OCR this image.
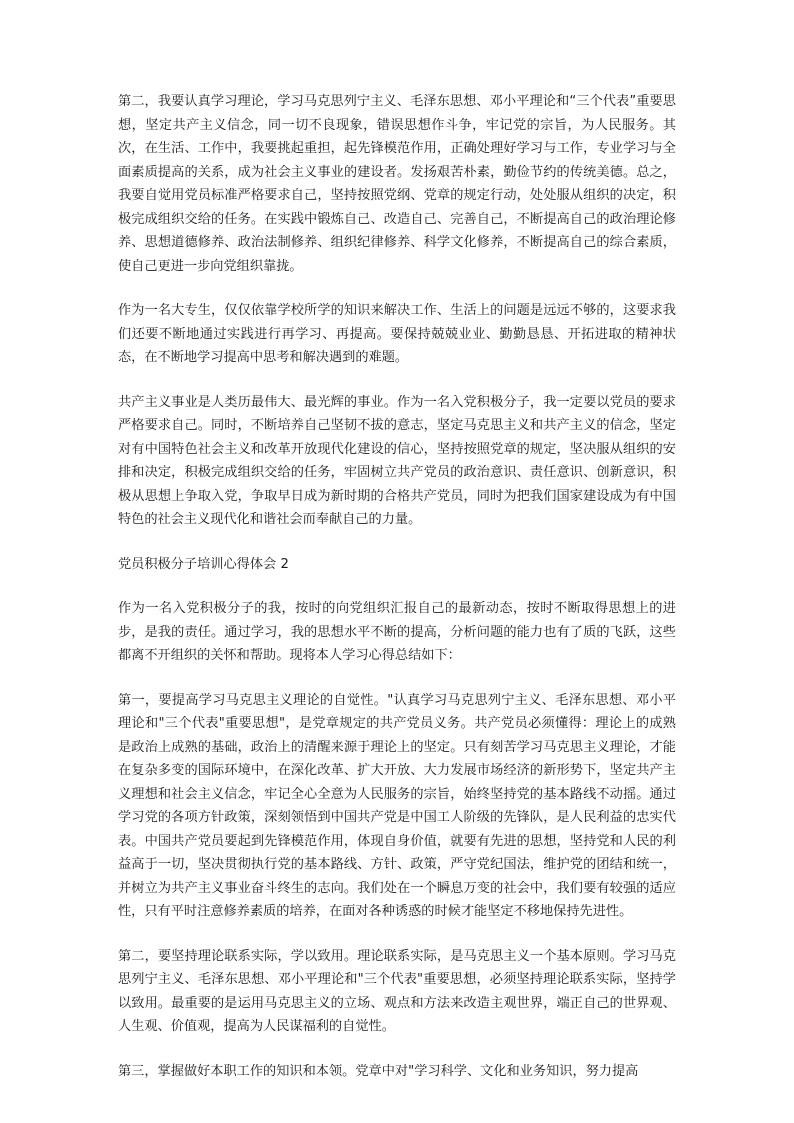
第二，我要认真学习理论，学习马克思列宁主义、毛泽东思想、邓小平理论和“三个代表”重要思想，坚定共产主义信念，同一切不良现象，错误思想作斗争，牢记党的宗旨，为人民服务。其次，在生活、工作中，我要挑起重担，起先锋模范作用，正确处理好学习与工作，专业学习与全面素质提高的关系，成为社会主义事业的建设者。发扬艰苦朴素，勤俭节约的传统美德。总之，我要自觉用党员标准严格要求自己，坚持按照党纲、党章的规定行动，处处服从组织的决定，积极完成组织交给的任务。在实践中锻炼自己、改造自己、完善自己，不断提高自己的政治理论修养、思想道德修养、政治法制修养、组织纪律修养、科学文化修养，不断提高自己的综合素质，使自己更进一步向党组织靠拢。

作为一名大专生，仅仅依靠学校所学的知识来解决工作、生活上的问题是远远不够的，这要求我们还要不断地通过实践进行再学习、再提高。要保持兢兢业业、勤勤恳恳、开拓进取的精神状态，在不断地学习提高中思考和解决遇到的难题。

共产主义事业是人类历最伟大、最光辉的事业。作为一名入党积极分子，我一定要以党员的要求严格要求自己。同时，不断培养自己坚韧不拔的意志，坚定马克思主义和共产主义的信念，坚定对有中国特色社会主义和改革开放现代化建设的信心，坚持按照党章的规定，坚决服从组织的安排和决定，积极完成组织交给的任务，牢固树立共产党员的政治意识、责任意识、创新意识，积极从思想上争取入党，争取早日成为新时期的合格共产党员，同时为把我们国家建设成为有中国特色的社会主义现代化和谐社会而奉献自己的力量。

党员积极分子培训心得体会 2

作为一名入党积极分子的我，按时的向党组织汇报自己的最新动态，按时不断取得思想上的进步，是我的责任。通过学习，我的思想水平不断的提高，分析问题的能力也有了质的飞跃，这些都离不开组织的关怀和帮助。现将本人学习心得总结如下：

第一，要提高学习马克思主义理论的自觉性。"认真学习马克思列宁主义、毛泽东思想、邓小平理论和"三个代表"重要思想"，是党章规定的共产党员义务。共产党员必须懂得：理论上的成熟是政治上成熟的基础，政治上的清醒来源于理论上的坚定。只有刻苦学习马克思主义理论，才能在复杂多变的国际环境中，在深化改革、扩大开放、大力发展市场经济的新形势下，坚定共产主义理想和社会主义信念，牢记全心全意为人民服务的宗旨，始终坚持党的基本路线不动摇。通过学习党的各项方针政策，深刻领悟到中国共产党是中国工人阶级的先锋队，是人民利益的忠实代表。中国共产党员要起到先锋模范作用，体现自身价值，就要有先进的思想，坚持党和人民的利益高于一切，坚决贯彻执行党的基本路线、方针、政策，严守党纪国法，维护党的团结和统一，并树立为共产主义事业奋斗终生的志向。我们处在一个瞬息万变的社会中，我们要有较强的适应性，只有平时注意修养素质的培养，在面对各种诱惑的时候才能坚定不移地保持先进性。

第二，要坚持理论联系实际，学以致用。理论联系实际，是马克思主义一个基本原则。学习马克思列宁主义、毛泽东思想、邓小平理论和"三个代表"重要思想，必须坚持理论联系实际，坚持学以致用。最重要的是运用马克思主义的立场、观点和方法来改造主观世界，端正自己的世界观、人生观、价值观，提高为人民谋福利的自觉性。

第三，掌握做好本职工作的知识和本领。党章中对"学习科学、文化和业务知识，努力提高
